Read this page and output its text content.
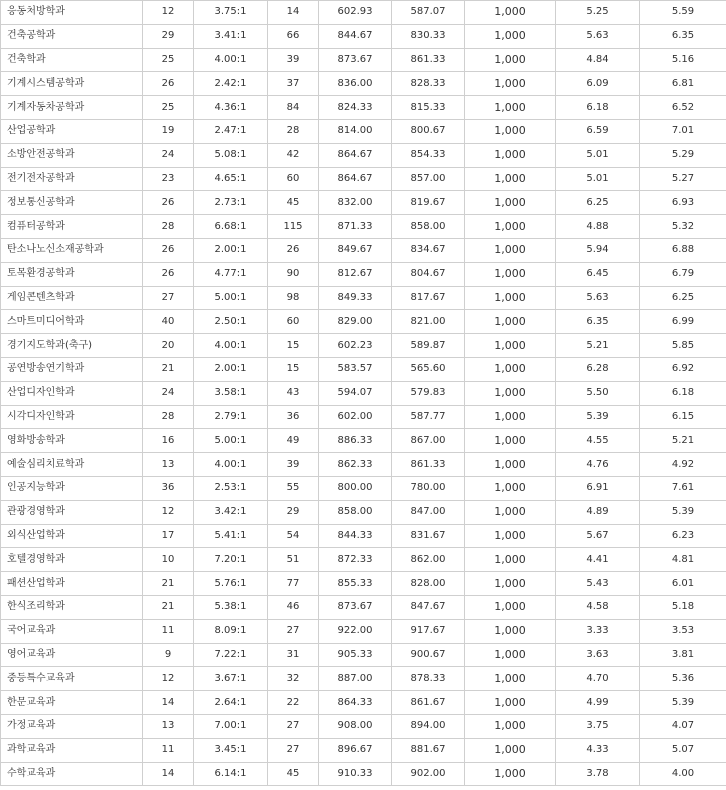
응동처방학과	12	3.75:1	14	602.93	587.07	1,000	5.25	5.59
건축공학과	29	3.41:1	66	844.67	830.33	1,000	5.63	6.35
건축학과	25	4.00:1	39	873.67	861.33	1,000	4.84	5.16
기계시스템공학과	26	2.42:1	37	836.00	828.33	1,000	6.09	6.81
기계자동차공학과	25	4.36:1	84	824.33	815.33	1,000	6.18	6.52
산업공학과	19	2.47:1	28	814.00	800.67	1,000	6.59	7.01
소방안전공학과	24	5.08:1	42	864.67	854.33	1,000	5.01	5.29
전기전자공학과	23	4.65:1	60	864.67	857.00	1,000	5.01	5.27
정보통신공학과	26	2.73:1	45	832.00	819.67	1,000	6.25	6.93
컴퓨터공학과	28	6.68:1	115	871.33	858.00	1,000	4.88	5.32
탄소나노신소재공학과	26	2.00:1	26	849.67	834.67	1,000	5.94	6.88
토목환경공학과	26	4.77:1	90	812.67	804.67	1,000	6.45	6.79
게임콘텐츠학과	27	5.00:1	98	849.33	817.67	1,000	5.63	6.25
스마트미디어학과	40	2.50:1	60	829.00	821.00	1,000	6.35	6.99
경기지도학과(축구)	20	4.00:1	15	602.23	589.87	1,000	5.21	5.85
공연방송연기학과	21	2.00:1	15	583.57	565.60	1,000	6.28	6.92
산업디자인학과	24	3.58:1	43	594.07	579.83	1,000	5.50	6.18
시각디자인학과	28	2.79:1	36	602.00	587.77	1,000	5.39	6.15
영화방송학과	16	5.00:1	49	886.33	867.00	1,000	4.55	5.21
예술심리치료학과	13	4.00:1	39	862.33	861.33	1,000	4.76	4.92
인공지능학과	36	2.53:1	55	800.00	780.00	1,000	6.91	7.61
관광경영학과	12	3.42:1	29	858.00	847.00	1,000	4.89	5.39
외식산업학과	17	5.41:1	54	844.33	831.67	1,000	5.67	6.23
호텔경영학과	10	7.20:1	51	872.33	862.00	1,000	4.41	4.81
패션산업학과	21	5.76:1	77	855.33	828.00	1,000	5.43	6.01
한식조리학과	21	5.38:1	46	873.67	847.67	1,000	4.58	5.18
국어교육과	11	8.09:1	27	922.00	917.67	1,000	3.33	3.53
영어교육과	9	7.22:1	31	905.33	900.67	1,000	3.63	3.81
중등특수교육과	12	3.67:1	32	887.00	878.33	1,000	4.70	5.36
한문교육과	14	2.64:1	22	864.33	861.67	1,000	4.99	5.39
가정교육과	13	7.00:1	27	908.00	894.00	1,000	3.75	4.07
과학교육과	11	3.45:1	27	896.67	881.67	1,000	4.33	5.07
수학교육과	14	6.14:1	45	910.33	902.00	1,000	3.78	4.00
